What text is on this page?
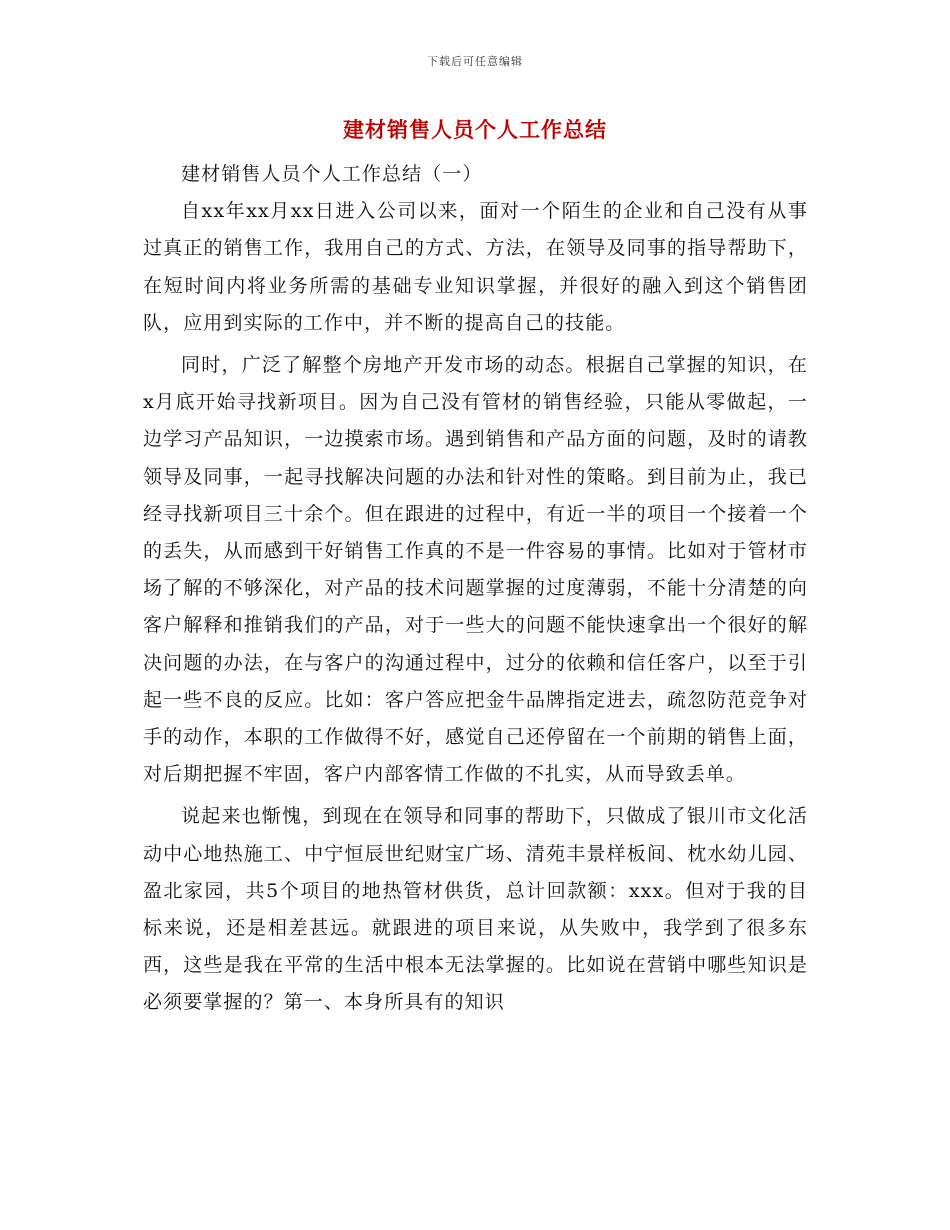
下载后可任意编辑
建材销售人员个人工作总结

建材销售人员个人工作总结（一）

自xx年xx月xx日进入公司以来，面对一个陌生的企业和自己没有从事过真正的销售工作，我用自己的方式、方法，在领导及同事的指导帮助下，在短时间内将业务所需的基础专业知识掌握，并很好的融入到这个销售团队，应用到实际的工作中，并不断的提高自己的技能。

同时，广泛了解整个房地产开发市场的动态。根据自己掌握的知识，在x月底开始寻找新项目。因为自己没有管材的销售经验，只能从零做起，一边学习产品知识，一边摸索市场。遇到销售和产品方面的问题，及时的请教领导及同事，一起寻找解决问题的办法和针对性的策略。到目前为止，我已经寻找新项目三十余个。但在跟进的过程中，有近一半的项目一个接着一个的丢失，从而感到干好销售工作真的不是一件容易的事情。比如对于管材市场了解的不够深化，对产品的技术问题掌握的过度薄弱，不能十分清楚的向客户解释和推销我们的产品，对于一些大的问题不能快速拿出一个很好的解决问题的办法，在与客户的沟通过程中，过分的依赖和信任客户，以至于引起一些不良的反应。比如：客户答应把金牛品牌指定进去，疏忽防范竞争对手的动作，本职的工作做得不好，感觉自己还停留在一个前期的销售上面，对后期把握不牢固，客户内部客情工作做的不扎实，从而导致丢单。

说起来也惭愧，到现在在领导和同事的帮助下，只做成了银川市文化活动中心地热施工、中宁恒辰世纪财宝广场、清苑丰景样板间、枕水幼儿园、盈北家园，共5个项目的地热管材供货，总计回款额：xxx。但对于我的目标来说，还是相差甚远。就跟进的项目来说，从失败中，我学到了很多东西，这些是我在平常的生活中根本无法掌握的。比如说在营销中哪些知识是必须要掌握的？第一、本身所具有的知识
